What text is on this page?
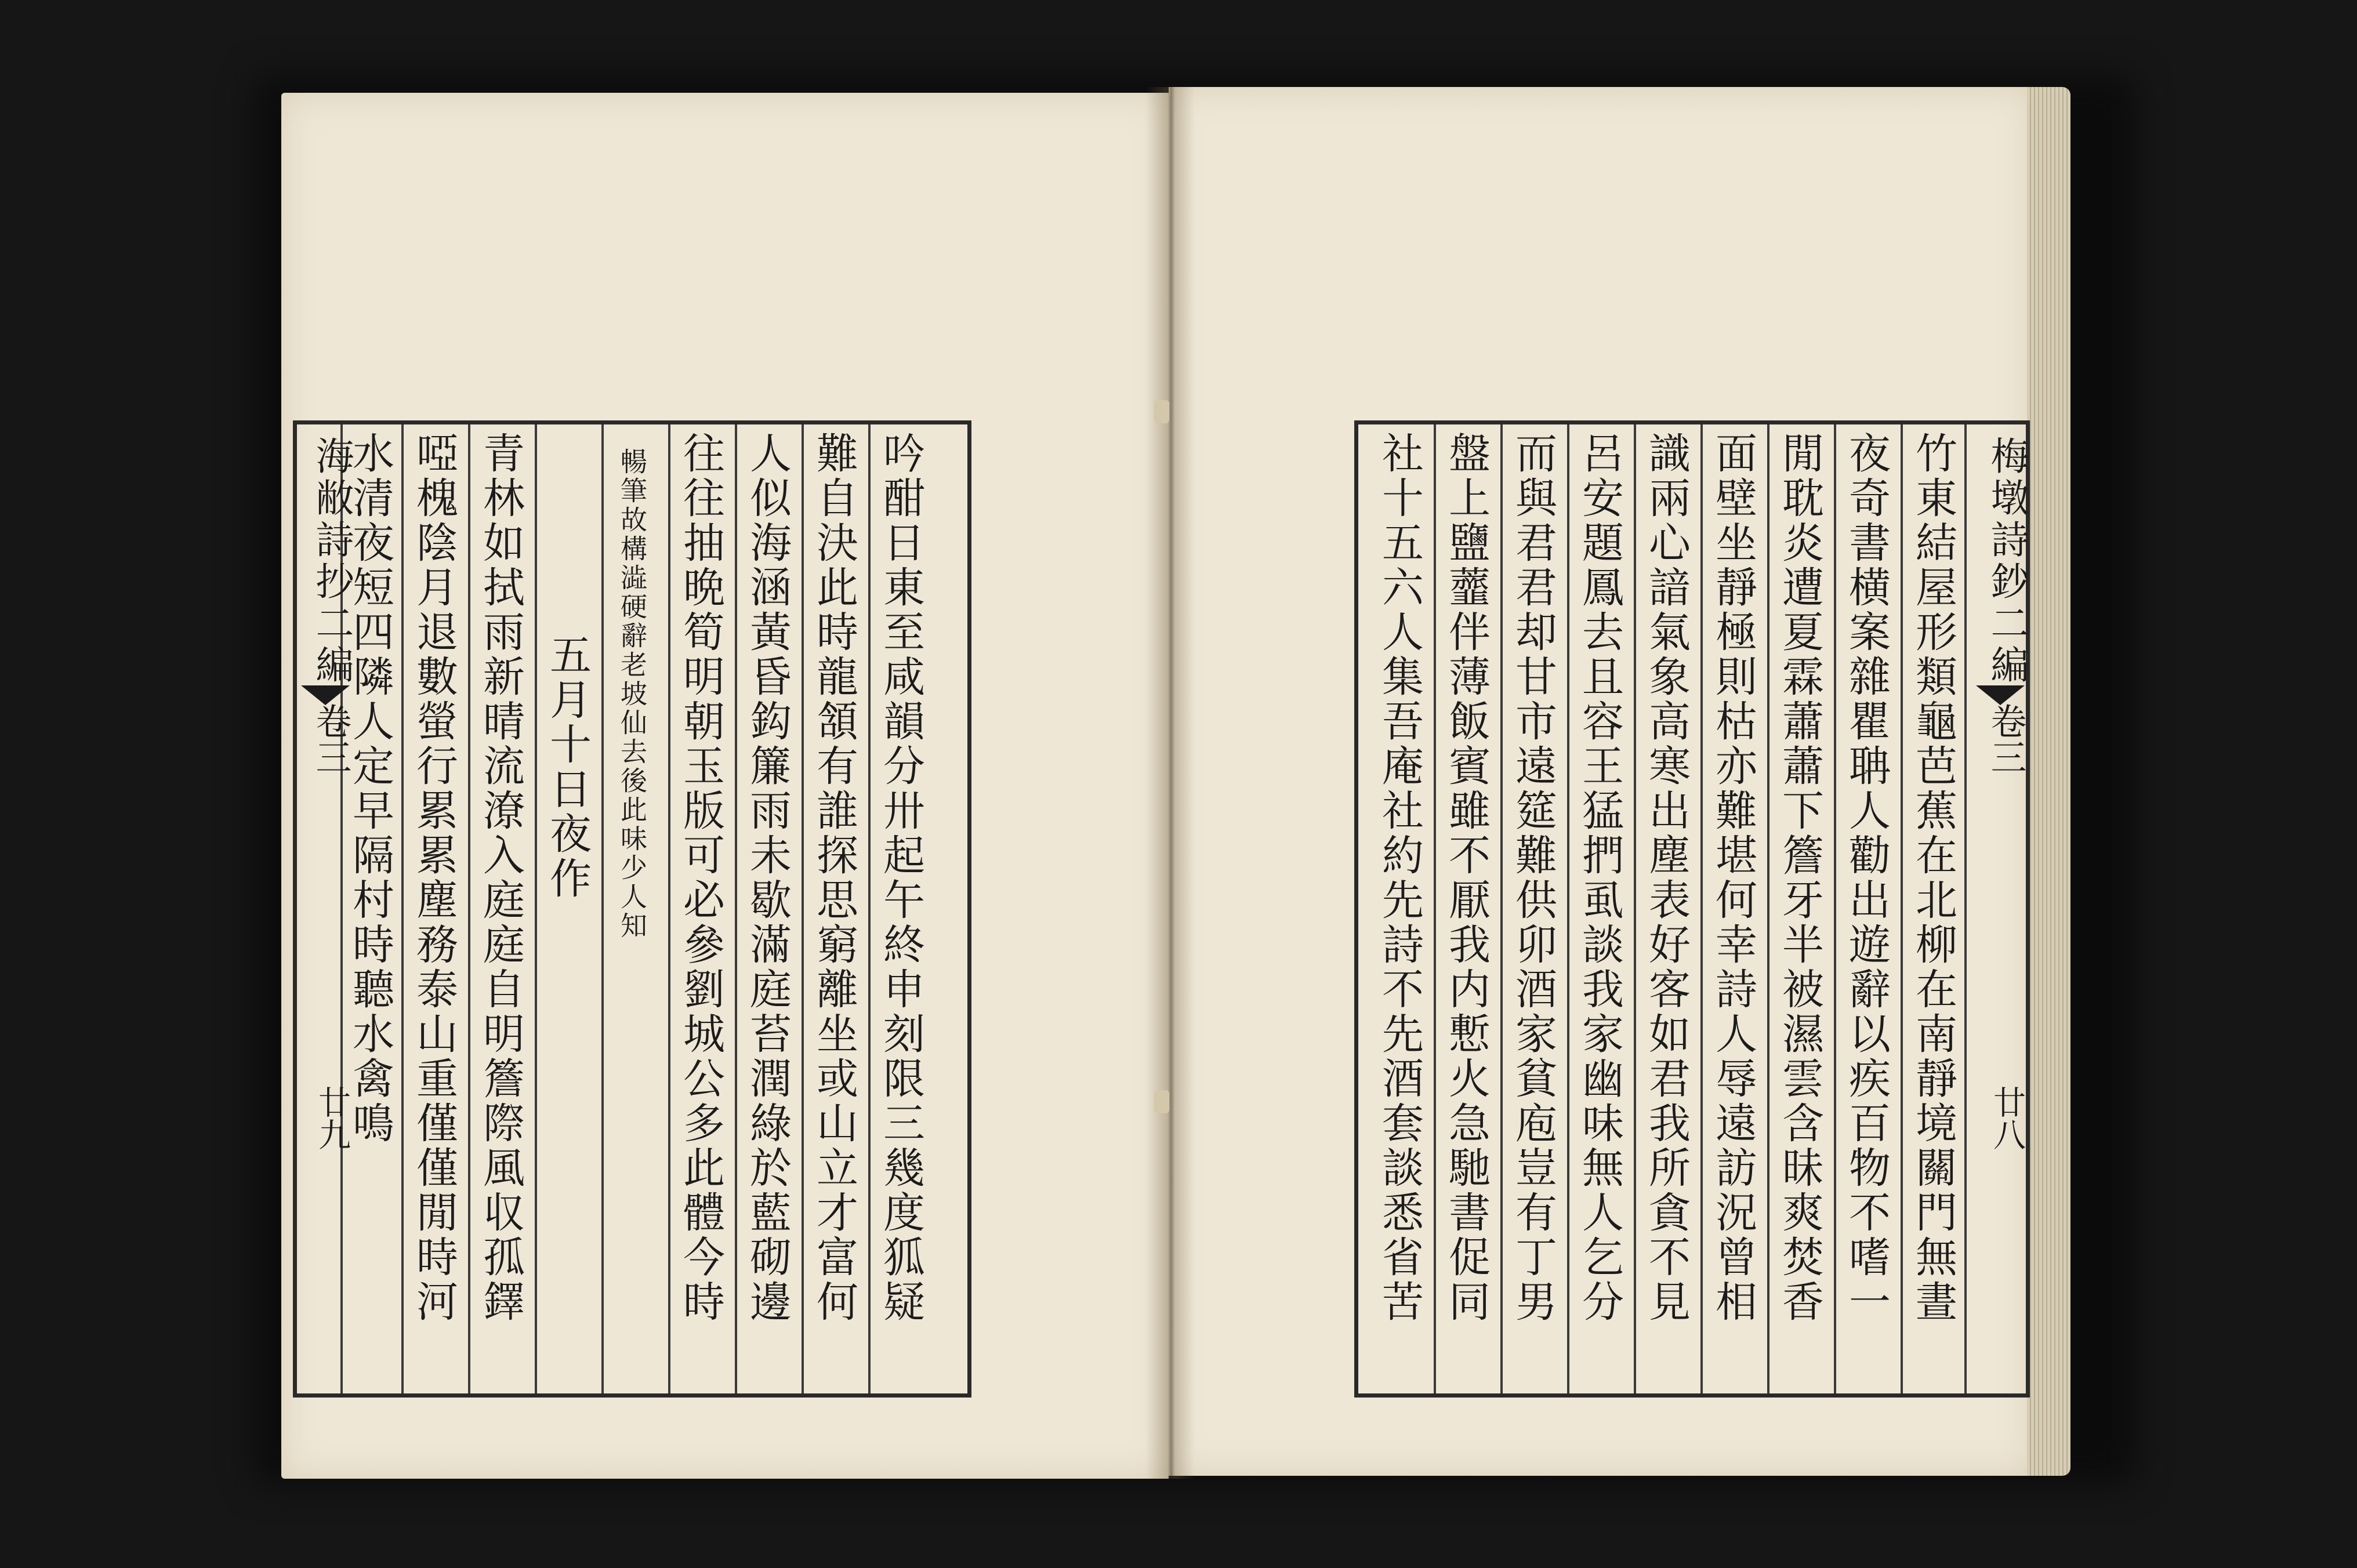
吟酣日東至咸韻分卅起午終申刻限三幾度狐疑
難自決此時龍頷有誰探思窮離坐或山立才富何
人似海涵黃昏鈎簾雨未歇滿庭苔潤綠於藍砌邊
往往抽晩筍明朝玉版可必參劉城公多此體今時
暢筆故構澁硬辭老坡仙去後此味少人知
五月十日夜作
青林如拭雨新晴流潦入庭庭自明簷際風収孤鐸
啞槐陰月退數螢行累累塵務泰山重僅僅閒時河
水清夜短四隣人定早隔村時聽水禽鳴
海敝詩抄二編
卷三
廿九
梅墩詩鈔二編
卷三
廿八
竹東結屋形類龜芭蕉在北柳在南靜境關門無晝
夜奇書横案雜瞿聃人勸出遊辭以疾百物不嗜一
閒耽炎遭夏霖蕭蕭下簷牙半被濕雲含昧爽焚香
面壁坐靜極則枯亦難堪何幸詩人辱遠訪況曾相
識兩心諳氣象高寒出塵表好客如君我所貪不見
呂安題鳳去且容王猛捫虱談我家幽味無人乞分
而與君君却甘市遠筵難供卯酒家貧庖豈有丁男
盤上鹽虀伴薄飯賓雖不厭我内慙火急馳書促同
社十五六人集吾庵社約先詩不先酒套談悉省苦
